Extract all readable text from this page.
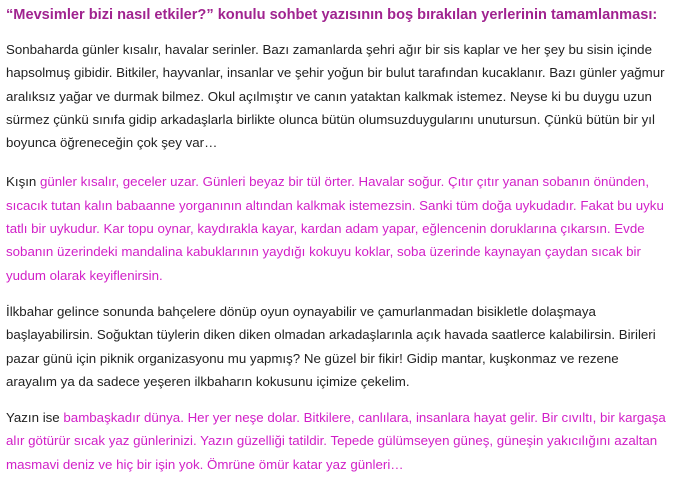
“Mevsimler bizi nasıl etkiler?” konulu sohbet yazısının boş bırakılan yerlerinin tamamlanması:

Sonbaharda günler kısalır, havalar serinler. Bazı zamanlarda şehri ağır bir sis kaplar ve her şey bu sisin içinde hapsolmuş gibidir. Bitkiler, hayvanlar, insanlar ve şehir yoğun bir bulut tarafından kucaklanır. Bazı günler yağmur aralıksız yağar ve durmak bilmez. Okul açılmıştır ve canın yataktan kalkmak istemez. Neyse ki bu duygu uzun sürmez çünkü sınıfa gidip arkadaşlarla birlikte olunca bütün olumsuzduygularını unutursun. Çünkü bütün bir yıl boyunca öğreneceğin çok şey var…

Kışın günler kısalır, geceler uzar. Günleri beyaz bir tül örter. Havalar soğur. Çıtır çıtır yanan sobanın önünden, sıcacık tutan kalın babaanne yorganının altından kalkmak istemezsin. Sanki tüm doğa uykudadır. Fakat bu uyku tatlı bir uykudur. Kar topu oynar, kaydırakla kayar, kardan adam yapar, eğlencenin doruklarına çıkarsın. Evde sobanın üzerindeki mandalina kabuklarının yaydığı kokuyu koklar, soba üzerinde kaynayan çaydan sıcak bir yudum olarak keyiflenirsin.

İlkbahar gelince sonunda bahçelere dönüp oyun oynayabilir ve çamurlanmadan bisikletle dolaşmaya başlayabilirsin. Soğuktan tüylerin diken diken olmadan arkadaşlarınla açık havada saatlerce kalabilirsin. Birileri pazar günü için piknik organizasyonu mu yapmış? Ne güzel bir fikir! Gidip mantar, kuşkonmaz ve rezene arayalım ya da sadece yeşeren ilkbaharın kokusunu içimize çekelim.

Yazın ise bambaşkadır dünya. Her yer neşe dolar. Bitkilere, canlılara, insanlara hayat gelir. Bir cıvıltı, bir kargaşa alır götürür sıcak yaz günlerinizi. Yazın güzelliği tatildir. Tepede gülümseyen güneş, güneşin yakıcılığını azaltan masmavi deniz ve hiç bir işin yok. Ömrüne ömür katar yaz günleri…
